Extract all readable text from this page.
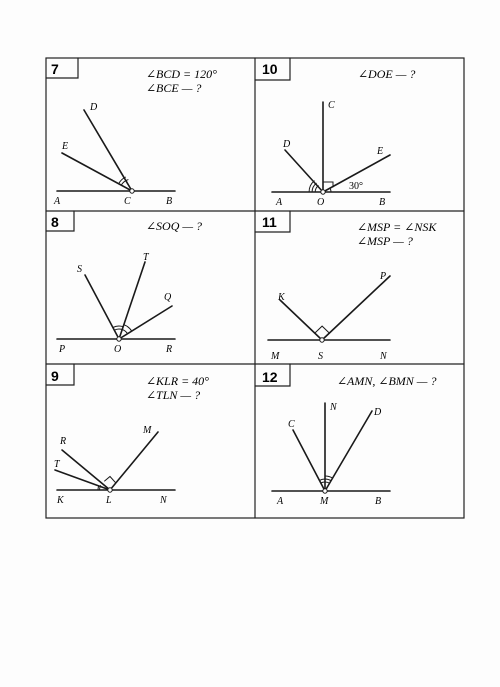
7	∠BCD = 120°
∠BCE — ?
A	B
C
D
E
10	∠DOE — ?
30°
A	B
O
C
D
E
8	∠SOQ — ?
P	R
O
S
T
Q
11	∠MSP = ∠NSK
∠MSP — ?
M	N
S
K
P
9	∠KLR = 40°
∠TLN — ?
K	N
L
R
T
M
12	∠AMN, ∠BMN — ?
A	B
M
C
N	D
